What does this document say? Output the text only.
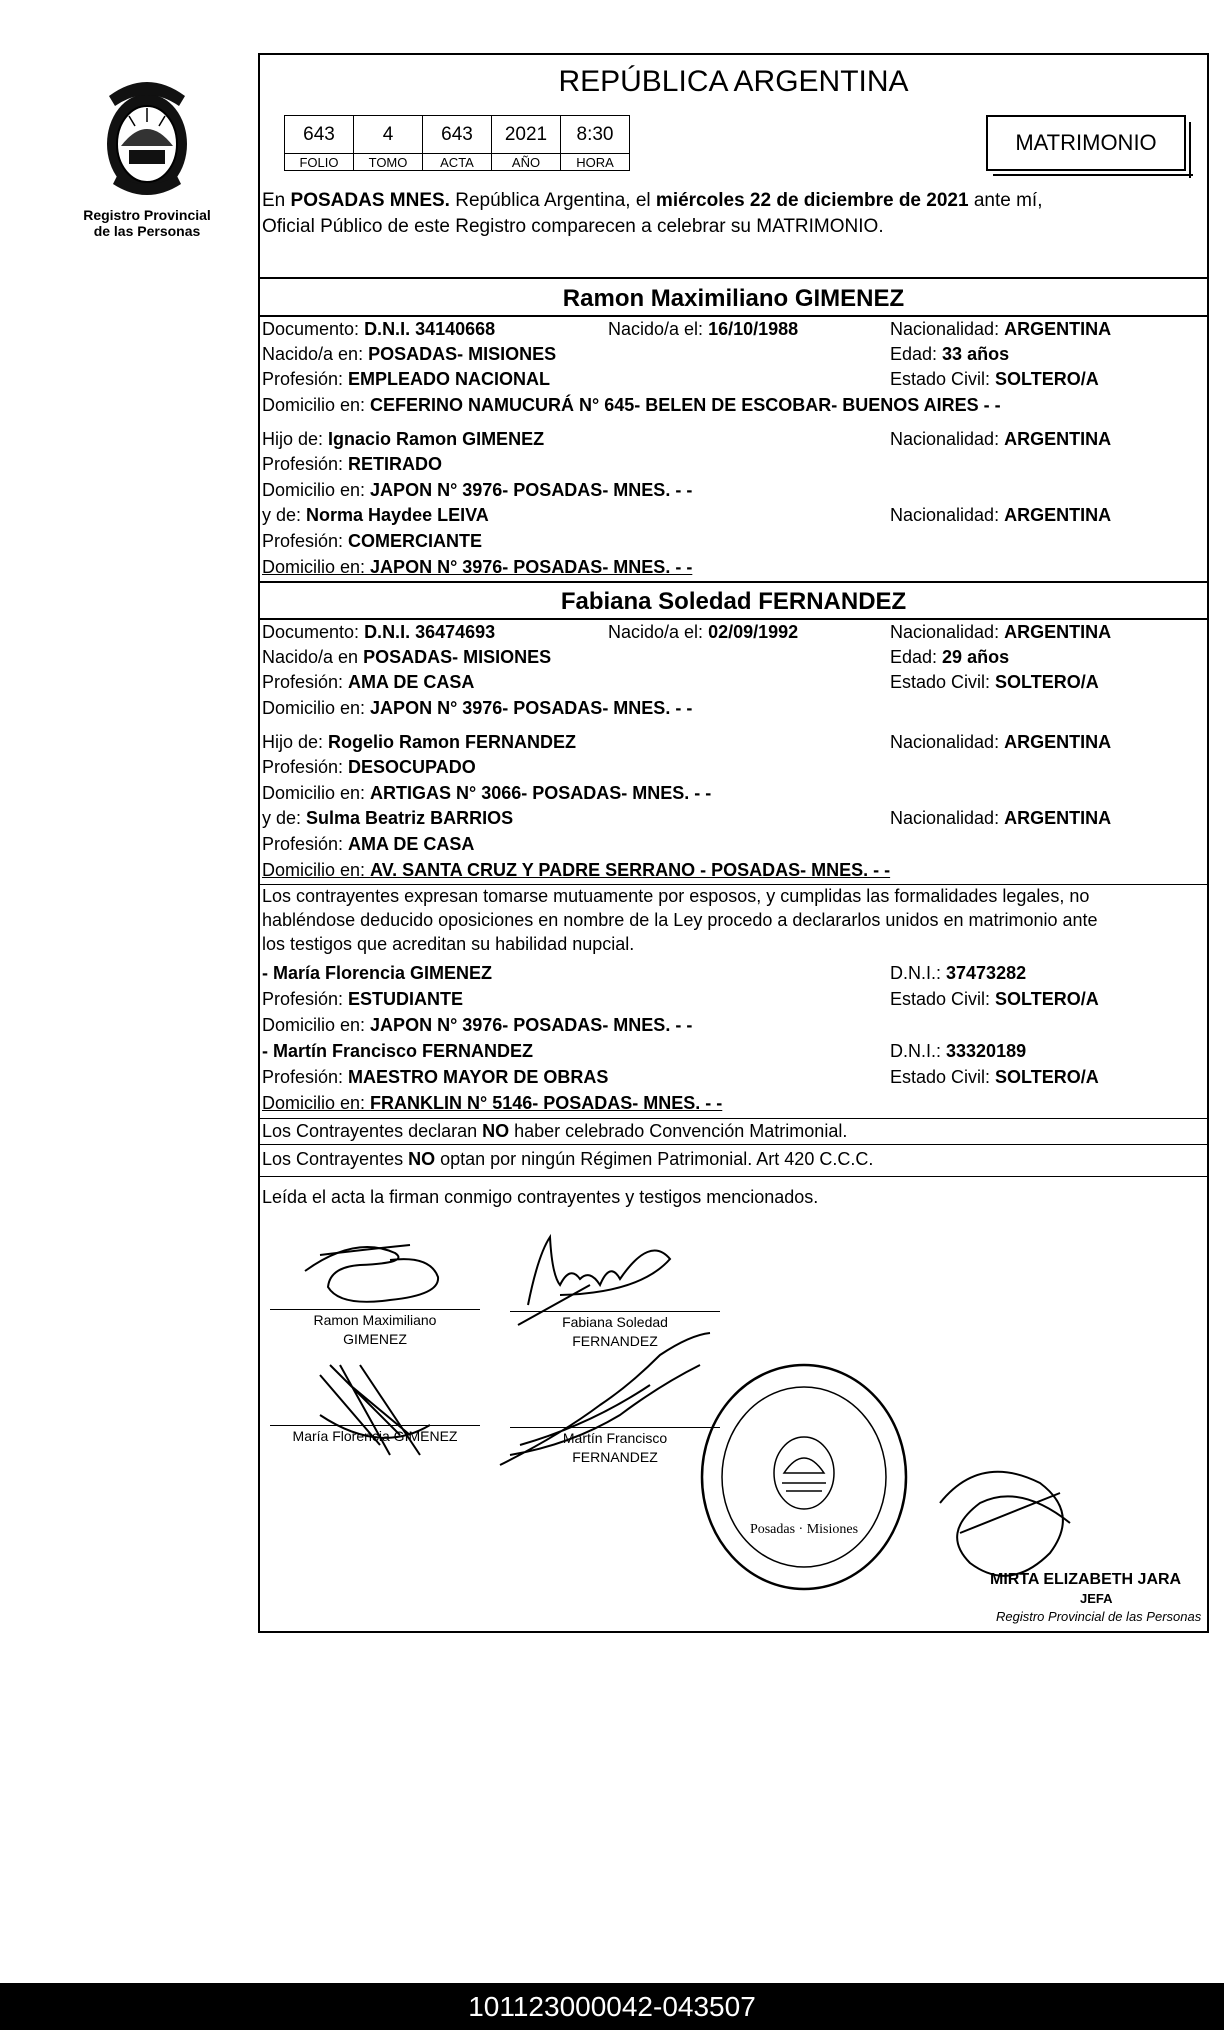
Registro Provincial
de las Personas
REPÚBLICA ARGENTINA
643	4	643	2021	8:30
FOLIO	TOMO	ACTA	AÑO	HORA
MATRIMONIO
En POSADAS MNES. República Argentina, el miércoles 22 de diciembre de 2021 ante mí,
Oficial Público de este Registro comparecen a celebrar su MATRIMONIO.
Ramon Maximiliano GIMENEZ
Documento: D.N.I. 34140668	Nacido/a el: 16/10/1988	Nacionalidad: ARGENTINA
Nacido/a en: POSADAS- MISIONES	Edad: 33 años
Profesión: EMPLEADO NACIONAL	Estado Civil: SOLTERO/A
Domicilio en: CEFERINO NAMUCURÁ N° 645- BELEN DE ESCOBAR- BUENOS AIRES - -
Hijo de: Ignacio Ramon GIMENEZ	Nacionalidad: ARGENTINA
Profesión: RETIRADO
Domicilio en: JAPON N° 3976- POSADAS- MNES. - -
y de: Norma Haydee LEIVA	Nacionalidad: ARGENTINA
Profesión: COMERCIANTE
Domicilio en: JAPON N° 3976- POSADAS- MNES. - -
Fabiana Soledad FERNANDEZ
Documento: D.N.I. 36474693	Nacido/a el: 02/09/1992	Nacionalidad: ARGENTINA
Nacido/a en POSADAS- MISIONES	Edad: 29 años
Profesión: AMA DE CASA	Estado Civil: SOLTERO/A
Domicilio en: JAPON N° 3976- POSADAS- MNES. - -
Hijo de: Rogelio Ramon FERNANDEZ	Nacionalidad: ARGENTINA
Profesión: DESOCUPADO
Domicilio en: ARTIGAS N° 3066- POSADAS- MNES. - -
y de: Sulma Beatriz BARRIOS	Nacionalidad: ARGENTINA
Profesión: AMA DE CASA
Domicilio en: AV. SANTA CRUZ Y PADRE SERRANO - POSADAS- MNES. - -
Los contrayentes expresan tomarse mutuamente por esposos, y cumplidas las formalidades legales, no
habléndose deducido oposiciones en nombre de la Ley procedo a declararlos unidos en matrimonio ante
los testigos que acreditan su habilidad nupcial.
- María Florencia GIMENEZ	D.N.I.: 37473282
Profesión: ESTUDIANTE	Estado Civil: SOLTERO/A
Domicilio en: JAPON N° 3976- POSADAS- MNES. - -
- Martín Francisco FERNANDEZ	D.N.I.: 33320189
Profesión: MAESTRO MAYOR DE OBRAS	Estado Civil: SOLTERO/A
Domicilio en: FRANKLIN N° 5146- POSADAS- MNES. - -
Los Contrayentes declaran NO haber celebrado Convención Matrimonial.
Los Contrayentes NO optan por ningún Régimen Patrimonial. Art 420 C.C.C.
Leída el acta la firman conmigo contrayentes y testigos mencionados.
Ramon Maximiliano
GIMENEZ
Fabiana Soledad
FERNANDEZ
María Florencia GIMENEZ	Martín Francisco
FERNANDEZ
Posadas · Misiones
MIRTA ELIZABETH JARA
JEFA
Registro Provincial de las Personas
101123000042-043507
